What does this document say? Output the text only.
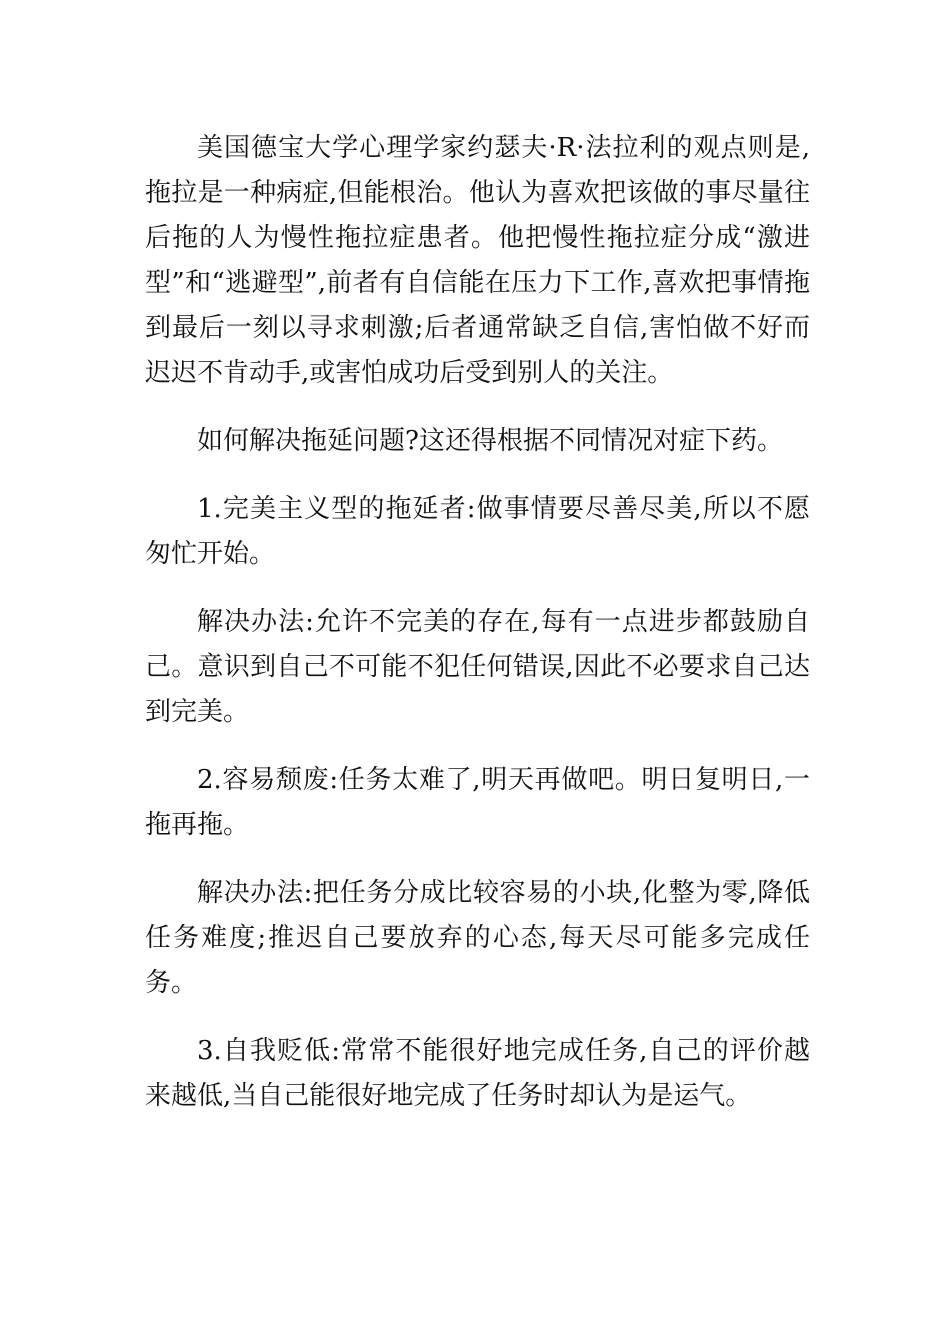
美国德宝大学心理学家约瑟夫·R·法拉利的观点则是,拖拉是一种病症,但能根治。他认为喜欢把该做的事尽量往后拖的人为慢性拖拉症患者。他把慢性拖拉症分成“激进型”和“逃避型”,前者有自信能在压力下工作,喜欢把事情拖到最后一刻以寻求刺激;后者通常缺乏自信,害怕做不好而迟迟不肯动手,或害怕成功后受到别人的关注。

如何解决拖延问题?这还得根据不同情况对症下药。

1.完美主义型的拖延者:做事情要尽善尽美,所以不愿匆忙开始。

解决办法:允许不完美的存在,每有一点进步都鼓励自己。意识到自己不可能不犯任何错误,因此不必要求自己达到完美。

2.容易颓废:任务太难了,明天再做吧。明日复明日,一拖再拖。

解决办法:把任务分成比较容易的小块,化整为零,降低任务难度;推迟自己要放弃的心态,每天尽可能多完成任务。

3.自我贬低:常常不能很好地完成任务,自己的评价越来越低,当自己能很好地完成了任务时却认为是运气。
